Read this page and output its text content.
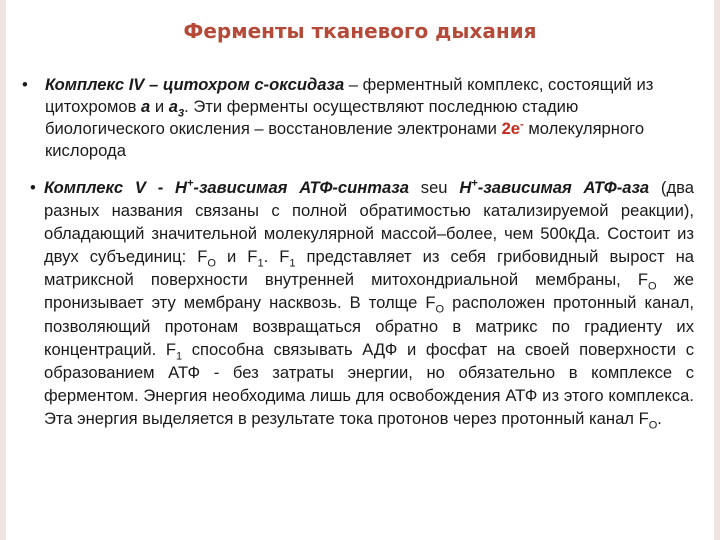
Ферменты тканевого дыхания
• Комплекс IV – цитохром с-оксидаза – ферментный комплекс, состоящий из цитохромов а и $а_3$. Эти ферменты осуществляют последнюю стадию биологического окисления – восстановление электронами 2е- молекулярного кислорода

• Комплекс V - Н+-зависимая АТФ-синтаза seu Н+-зависимая АТФ-аза (два разных названия связаны с полной обратимостью катализируемой реакции), обладающий значительной молекулярной массой–более, чем 500кДа. Состоит из двух субъединиц: $F_O$ и $F_1$. $F_1$ представляет из себя грибовидный вырост на матриксной поверхности внутренней митохондриальной мембраны, $F_O$ же пронизывает эту мембрану насквозь. В толще $F_O$ расположен протонный канал, позволяющий протонам возвращаться обратно в матрикс по градиенту их концентраций. $F_1$ способна связывать АДФ и фосфат на своей поверхности с образованием АТФ - без затраты энергии, но обязательно в комплексе с ферментом. Энергия необходима лишь для освобождения АТФ из этого комплекса. Эта энергия выделяется в результате тока протонов через протонный канал $F_O$.
